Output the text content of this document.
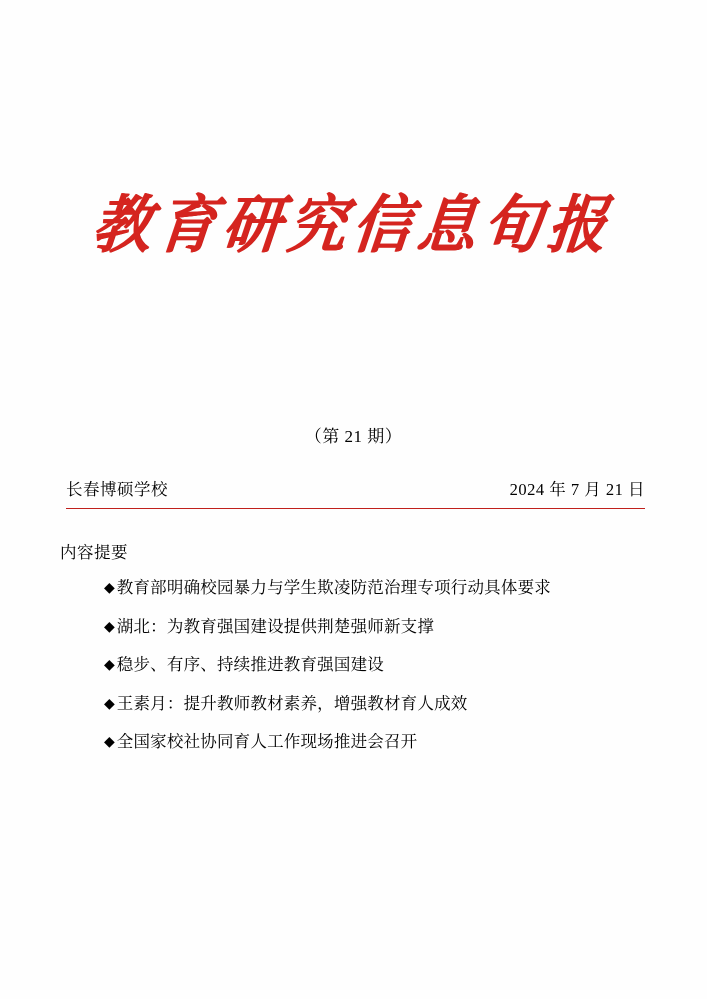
教育研究信息旬报
（第 21 期）
长春博硕学校	2024 年 7 月 21 日
内容提要
◆ 教育部明确校园暴力与学生欺凌防范治理专项行动具体要求
◆ 湖北：为教育强国建设提供荆楚强师新支撑
◆ 稳步、有序、持续推进教育强国建设
◆ 王素月：提升教师教材素养，增强教材育人成效
◆ 全国家校社协同育人工作现场推进会召开
